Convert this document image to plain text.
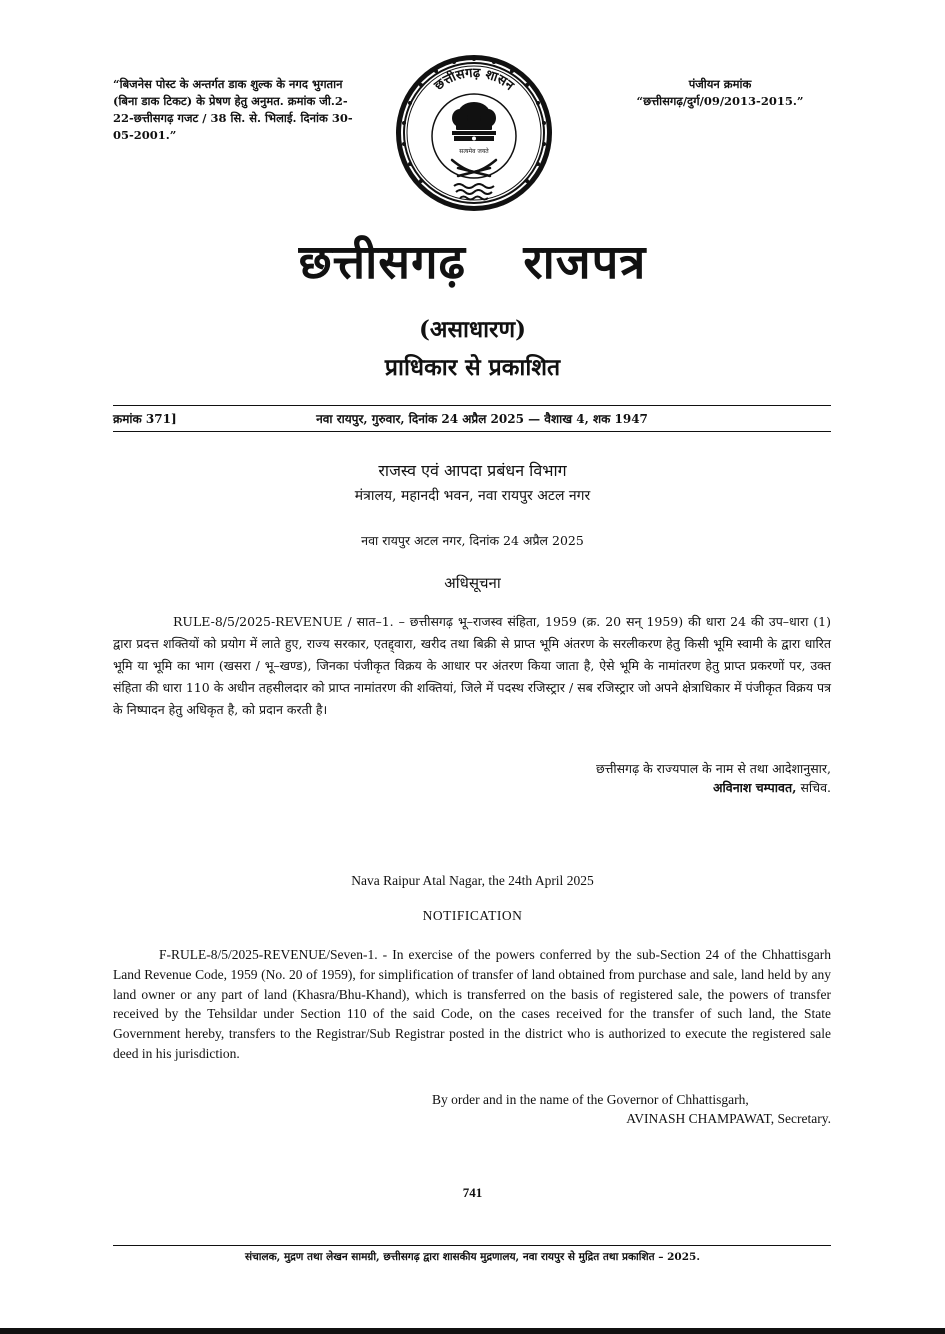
“बिजनेस पोस्ट के अन्तर्गत डाक शुल्क के नगद भुगतान (बिना डाक टिकट) के प्रेषण हेतु अनुमत. क्रमांक जी.2-22-छत्तीसगढ़ गजट / 38 सि. से. भिलाई. दिनांक 30-05-2001.”
पंजीयन क्रमांक
“छत्तीसगढ़/दुर्ग/09/2013-2015.”
छत्तीसगढ़ शासन
सत्यमेव जयते
छत्तीसगढ़ राजपत्र
(असाधारण)
प्राधिकार से प्रकाशित
क्रमांक 371]	नवा रायपुर, गुरुवार, दिनांक 24 अप्रैल 2025 — वैशाख 4, शक 1947
राजस्व एवं आपदा प्रबंधन विभाग
मंत्रालय, महानदी भवन, नवा रायपुर अटल नगर
नवा रायपुर अटल नगर, दिनांक 24 अप्रैल 2025
अधिसूचना
RULE-8/5/2025-REVENUE / सात–1. – छत्तीसगढ़ भू–राजस्व संहिता, 1959 (क्र. 20 सन् 1959) की धारा 24 की उप–धारा (1) द्वारा प्रदत्त शक्तियों को प्रयोग में लाते हुए, राज्य सरकार, एतद्द्वारा, खरीद तथा बिक्री से प्राप्त भूमि अंतरण के सरलीकरण हेतु किसी भूमि स्वामी के द्वारा धारित भूमि या भूमि का भाग (खसरा / भू–खण्ड), जिनका पंजीकृत विक्रय के आधार पर अंतरण किया जाता है, ऐसे भूमि के नामांतरण हेतु प्राप्त प्रकरणों पर, उक्त संहिता की धारा 110 के अधीन तहसीलदार को प्राप्त नामांतरण की शक्तियां, जिले में पदस्थ रजिस्ट्रार / सब रजिस्ट्रार जो अपने क्षेत्राधिकार में पंजीकृत विक्रय पत्र के निष्पादन हेतु अधिकृत है, को प्रदान करती है।
छत्तीसगढ़ के राज्यपाल के नाम से तथा आदेशानुसार,
अविनाश चम्पावत, सचिव.
Nava Raipur Atal Nagar, the 24th April 2025
NOTIFICATION
F-RULE-8/5/2025-REVENUE/Seven-1. - In exercise of the powers conferred by the sub-Section 24 of the Chhattisgarh Land Revenue Code, 1959 (No. 20 of 1959), for simplification of transfer of land obtained from purchase and sale, land held by any land owner or any part of land (Khasra/Bhu-Khand), which is transferred on the basis of registered sale, the powers of transfer received by the Tehsildar under Section 110 of the said Code, on the cases received for the transfer of such land, the State Government hereby, transfers to the Registrar/Sub Registrar posted in the district who is authorized to execute the registered sale deed in his jurisdiction.
By order and in the name of the Governor of Chhattisgarh,
AVINASH CHAMPAWAT, Secretary.
741
संचालक, मुद्रण तथा लेखन सामग्री, छत्तीसगढ़ द्वारा शासकीय मुद्रणालय, नवा रायपुर से मुद्रित तथा प्रकाशित – 2025.
